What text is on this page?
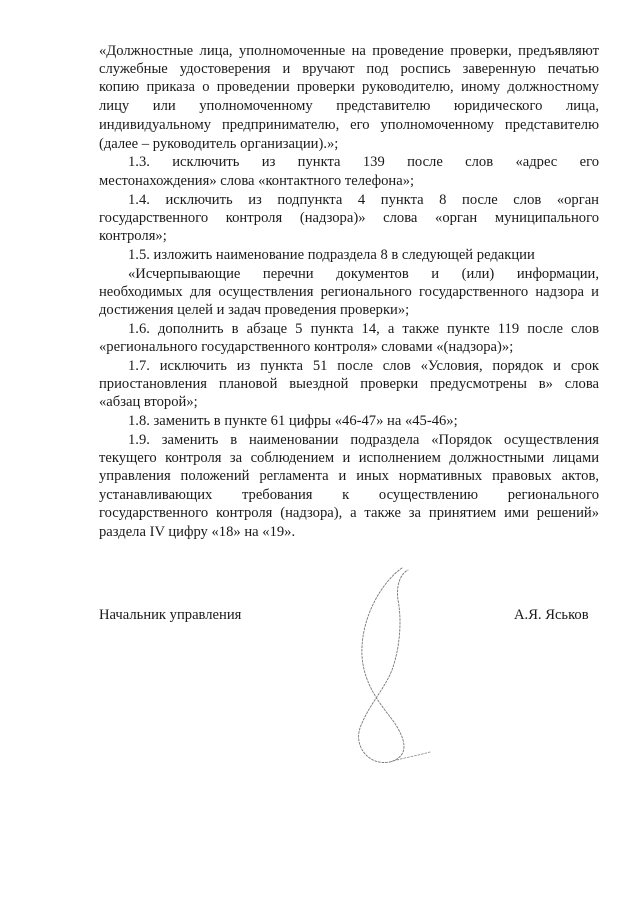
«Должностные лица, уполномоченные на проведение проверки, предъявляют
служебные удостоверения и вручают под роспись заверенную печатью
копию приказа о проведении проверки руководителю, иному должностному
лицу или уполномоченному представителю юридического лица,
индивидуальному предпринимателю, его уполномоченному представителю
(далее – руководитель организации).»;
1.3. исключить из пункта 139 после слов «адрес его
местонахождения» слова «контактного телефона»;
1.4. исключить из подпункта 4 пункта 8 после слов «орган
государственного контроля (надзора)» слова «орган муниципального
контроля»;
1.5. изложить наименование подраздела 8 в следующей редакции
«Исчерпывающие перечни документов и (или) информации,
необходимых для осуществления регионального государственного надзора и
достижения целей и задач проведения проверки»;
1.6. дополнить в абзаце 5 пункта 14, а также пункте 119 после слов
«регионального государственного контроля» словами «(надзора)»;
1.7. исключить из пункта 51 после слов «Условия, порядок и срок
приостановления плановой выездной проверки предусмотрены в» слова
«абзац второй»;
1.8. заменить в пункте 61 цифры «46-47» на «45-46»;
1.9. заменить в наименовании подраздела «Порядок осуществления
текущего контроля за соблюдением и исполнением должностными лицами
управления положений регламента и иных нормативных правовых актов,
устанавливающих требования к осуществлению регионального
государственного контроля (надзора), а также за принятием ими решений»
раздела IV цифру «18» на «19».
Начальник управления	А.Я. Яськов
